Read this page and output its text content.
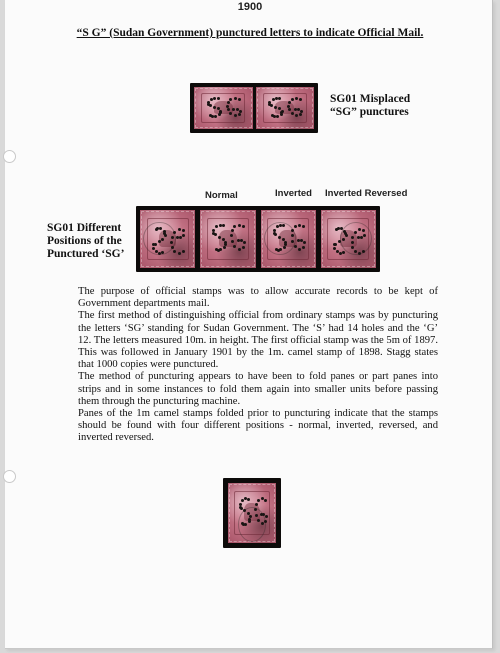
1900
“S G” (Sudan Government) punctured letters to indicate Official Mail.
SG01 Misplaced
“SG” punctures
Normal	Inverted Inverted Reversed
SG01 Different
Positions of the
Punctured ‘SG’

The purpose of official stamps was to allow accurate records to be kept of Government departments mail.

The first method of distinguishing official from ordinary stamps was by puncturing the letters ‘SG’ standing for Sudan Government. The ‘S’ had 14 holes and the ‘G’ 12. The letters measured 10m. in height. The first official stamp was the 5m of 1897. This was followed in January 1901 by the 1m. camel stamp of 1898. Stagg states that 1000 copies were punctured.

The method of puncturing appears to have been to fold panes or part panes into strips and in some instances to fold them again into smaller units before passing them through the puncturing machine.

Panes of the 1m camel stamps folded prior to puncturing indicate that the stamps should be found with four different positions - normal, inverted, reversed, and inverted reversed.
